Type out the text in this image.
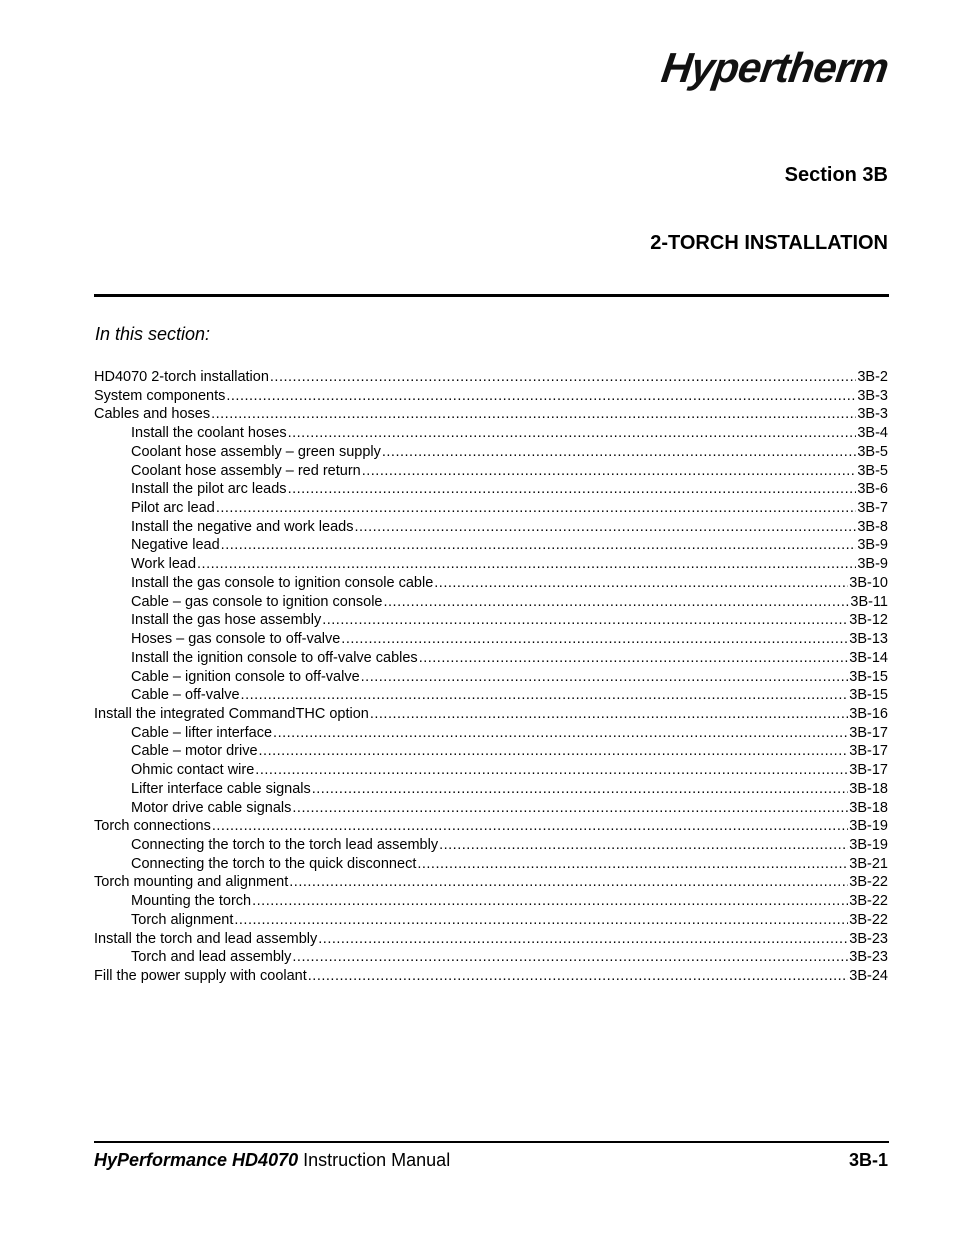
Hypertherm
Section 3B
2-TORCH INSTALLATION
In this section:
HD4070 2-torch installation .....	3B-2
System components .....	3B-3
Cables and hoses .....	3B-3
Install the coolant hoses .....	3B-4
Coolant hose assembly – green supply .....	3B-5
Coolant hose assembly – red return .....	3B-5
Install the pilot arc leads .....	3B-6
Pilot arc lead .....	3B-7
Install the negative and work leads .....	3B-8
Negative lead .....	3B-9
Work lead .....	3B-9
Install the gas console to ignition console cable .....	3B-10
Cable – gas console to ignition console .....	3B-11
Install the gas hose assembly .....	3B-12
Hoses – gas console to off-valve .....	3B-13
Install the ignition console to off-valve cables .....	3B-14
Cable – ignition console to off-valve .....	3B-15
Cable – off-valve .....	3B-15
Install the integrated CommandTHC option .....	3B-16
Cable – lifter interface .....	3B-17
Cable – motor drive .....	3B-17
Ohmic contact wire .....	3B-17
Lifter interface cable signals .....	3B-18
Motor drive cable signals .....	3B-18
Torch connections .....	3B-19
Connecting the torch to the torch lead assembly .....	3B-19
Connecting the torch to the quick disconnect .....	3B-21
Torch mounting and alignment .....	3B-22
Mounting the torch .....	3B-22
Torch alignment .....	3B-22
Install the torch and lead assembly .....	3B-23
Torch and lead assembly .....	3B-23
Fill the power supply with coolant .....	3B-24
HyPerformance HD4070 Instruction Manual	3B-1
